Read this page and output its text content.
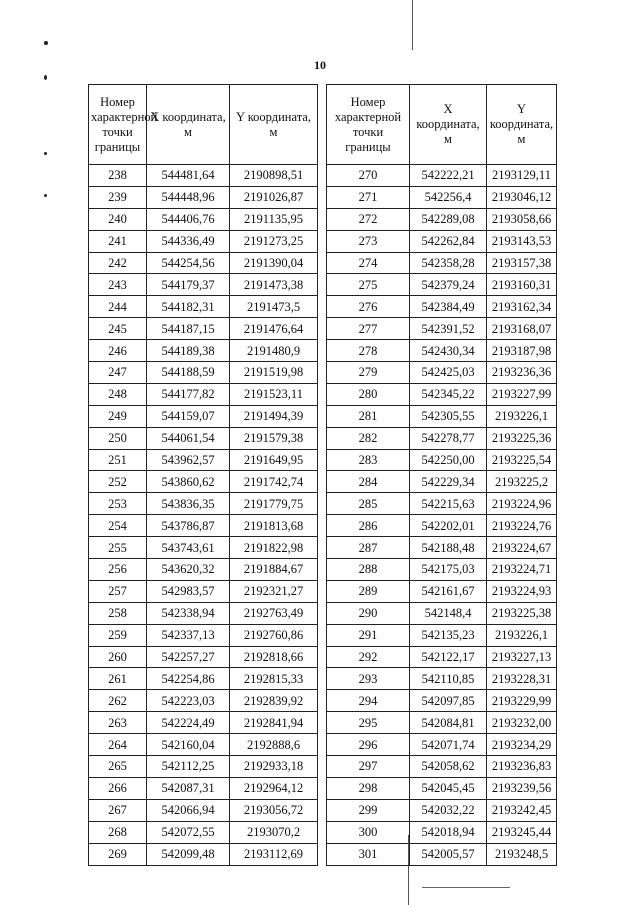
10
Номер характерной точки границы	X координата, м	Y координата, м
238	544481,64	2190898,51
239	544448,96	2191026,87
240	544406,76	2191135,95
241	544336,49	2191273,25
242	544254,56	2191390,04
243	544179,37	2191473,38
244	544182,31	2191473,5
245	544187,15	2191476,64
246	544189,38	2191480,9
247	544188,59	2191519,98
248	544177,82	2191523,11
249	544159,07	2191494,39
250	544061,54	2191579,38
251	543962,57	2191649,95
252	543860,62	2191742,74
253	543836,35	2191779,75
254	543786,87	2191813,68
255	543743,61	2191822,98
256	543620,32	2191884,67
257	542983,57	2192321,27
258	542338,94	2192763,49
259	542337,13	2192760,86
260	542257,27	2192818,66
261	542254,86	2192815,33
262	542223,03	2192839,92
263	542224,49	2192841,94
264	542160,04	2192888,6
265	542112,25	2192933,18
266	542087,31	2192964,12
267	542066,94	2193056,72
268	542072,55	2193070,2
269	542099,48	2193112,69
Номер характерной точки границы	X координата, м	Y координата, м
270	542222,21	2193129,11
271	542256,4	2193046,12
272	542289,08	2193058,66
273	542262,84	2193143,53
274	542358,28	2193157,38
275	542379,24	2193160,31
276	542384,49	2193162,34
277	542391,52	2193168,07
278	542430,34	2193187,98
279	542425,03	2193236,36
280	542345,22	2193227,99
281	542305,55	2193226,1
282	542278,77	2193225,36
283	542250,00	2193225,54
284	542229,34	2193225,2
285	542215,63	2193224,96
286	542202,01	2193224,76
287	542188,48	2193224,67
288	542175,03	2193224,71
289	542161,67	2193224,93
290	542148,4	2193225,38
291	542135,23	2193226,1
292	542122,17	2193227,13
293	542110,85	2193228,31
294	542097,85	2193229,99
295	542084,81	2193232,00
296	542071,74	2193234,29
297	542058,62	2193236,83
298	542045,45	2193239,56
299	542032,22	2193242,45
300	542018,94	2193245,44
301	542005,57	2193248,5
